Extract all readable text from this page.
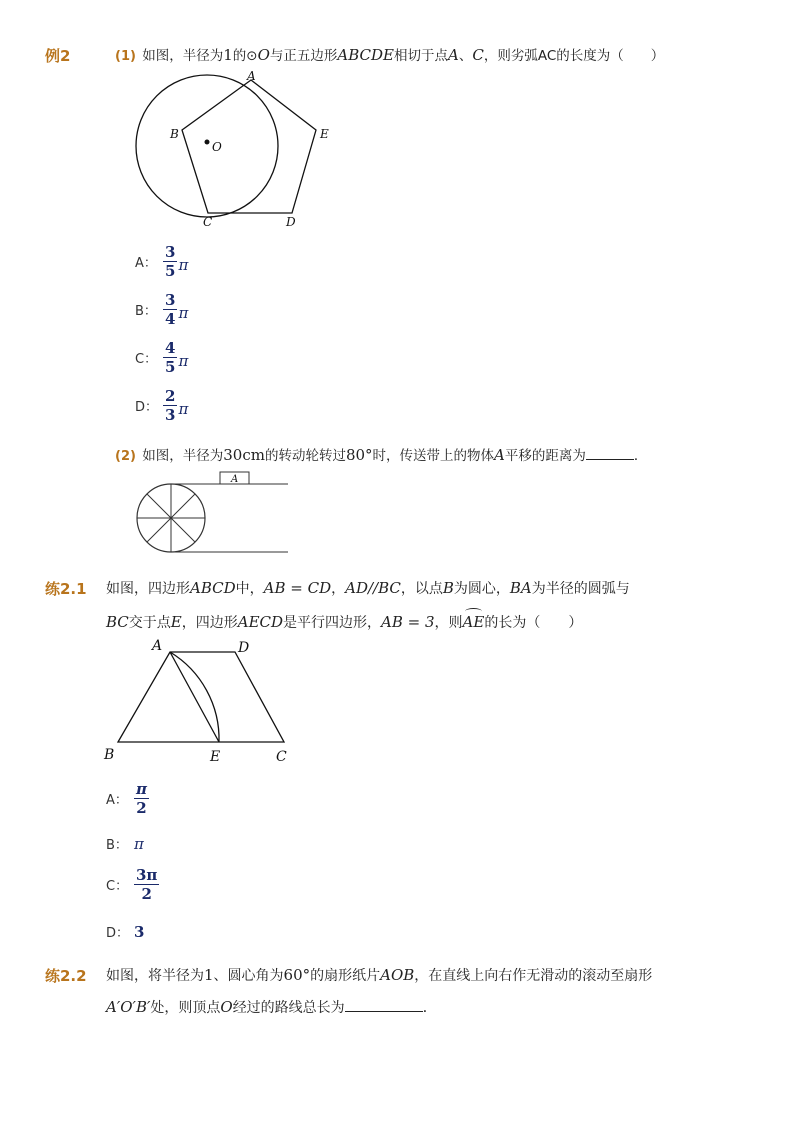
例2	(1) 如图，半径为1的⊙O与正五边形ABCDE相切于点A、C，则劣弧AC的长度为（　　）
A
B
C	D
E
O
A： $\frac{3}{5}$ π
B： $\frac{3}{4}$ π
C： $\frac{4}{5}$ π
D： $\frac{2}{3}$ π
(2) 如图，半径为30cm的转动轮转过80°时，传送带上的物体A平移的距离为	．
A
练2.1 如图，四边形ABCD中，AB = CD，AD//BC，以点B为圆心，BA为半径的圆弧与
BC交于点E，四边形AECD是平行四边形，AB = 3，则AE的长为（　　）
A	D
B	E	C
A： $\frac{\pi}{2}$
B： π
C： $\frac{3\pi}{2}$
D： 3
练2.2 如图，将半径为1、圆心角为60°的扇形纸片AOB，在直线上向右作无滑动的滚动至扇形
A′O′B′处，则顶点O经过的路线总长为	．
